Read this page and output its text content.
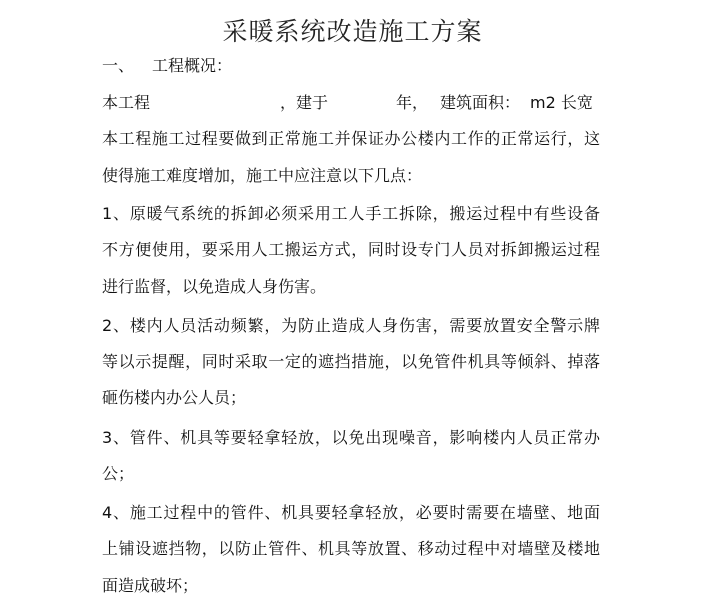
采暖系统改造施工方案
一、 工程概况：
本工程	，建于	年， 建筑面积： m2 长宽
本工程施工过程要做到正常施工并保证办公楼内工作的正常运行，这
使得施工难度增加，施工中应注意以下几点：
1、原暖气系统的拆卸必须采用工人手工拆除，搬运过程中有些设备
不方便使用，要采用人工搬运方式，同时设专门人员对拆卸搬运过程
进行监督，以免造成人身伤害。
2、楼内人员活动频繁，为防止造成人身伤害，需要放置安全警示牌
等以示提醒，同时采取一定的遮挡措施，以免管件机具等倾斜、掉落
砸伤楼内办公人员；
3、管件、机具等要轻拿轻放，以免出现噪音，影响楼内人员正常办
公；
4、施工过程中的管件、机具要轻拿轻放，必要时需要在墙壁、地面
上铺设遮挡物，以防止管件、机具等放置、移动过程中对墙壁及楼地
面造成破坏；
